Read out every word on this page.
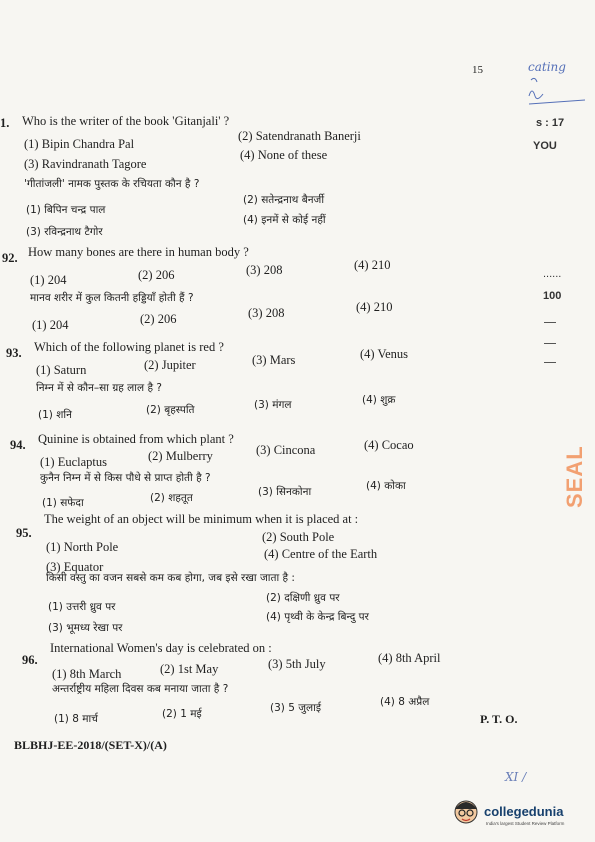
15	cating
s : 17
YOU
......
100
SEAL
1. Who is the writer of the book 'Gitanjali' ?
(1) Bipin Chandra Pal
(2) Satendranath Banerji
(3) Ravindranath Tagore
(4) None of these
'गीतांजली' नामक पुस्तक के रचियता कौन है ?
(1) बिपिन चन्द्र पाल
(2) सतेन्द्रनाथ बैनर्जी
(3) रविन्द्रनाथ टैगोर
(4) इनमें से कोई नहीं
92. How many bones are there in human body ?
(1) 204	(2) 206	(3) 208	(4) 210
मानव शरीर में कुल कितनी हड्डियाँ होती हैं ?
(1) 204	(2) 206	(3) 208	(4) 210
93. Which of the following planet is red ?
(1) Saturn	(2) Jupiter	(3) Mars	(4) Venus
निम्न में से कौन–सा ग्रह लाल है ?
(1) शनि	(2) बृहस्पति	(3) मंगल	(4) शुक्र
94. Quinine is obtained from which plant ?
(1) Euclaptus	(2) Mulberry	(3) Cincona	(4) Cocao
कुनैन निम्न में से किस पौधे से प्राप्त होती है ?
(1) सफेदा	(2) शहतूत	(3) सिनकोना	(4) कोका
95.
The weight of an object will be minimum when it is placed at :
(1) North Pole
(2) South Pole
(3) Equator
(4) Centre of the Earth
किसी वस्तु का वजन सबसे कम कब होगा, जब इसे रखा जाता है :
(1) उत्तरी ध्रुव पर
(2) दक्षिणी ध्रुव पर
(3) भूमध्य रेखा पर
(4) पृथ्वी के केन्द्र बिन्दु पर
96.
International Women's day is celebrated on :
(1) 8th March	(2) 1st May	(3) 5th July	(4) 8th April
अन्तर्राष्ट्रीय महिला दिवस कब मनाया जाता है ?
(1) 8 मार्च	(2) 1 मई	(3) 5 जुलाई	(4) 8 अप्रैल
BLBHJ-EE-2018/(SET-X)/(A)
P. T. O.
XI /
collegedunia
India's largest Student Review Platform
